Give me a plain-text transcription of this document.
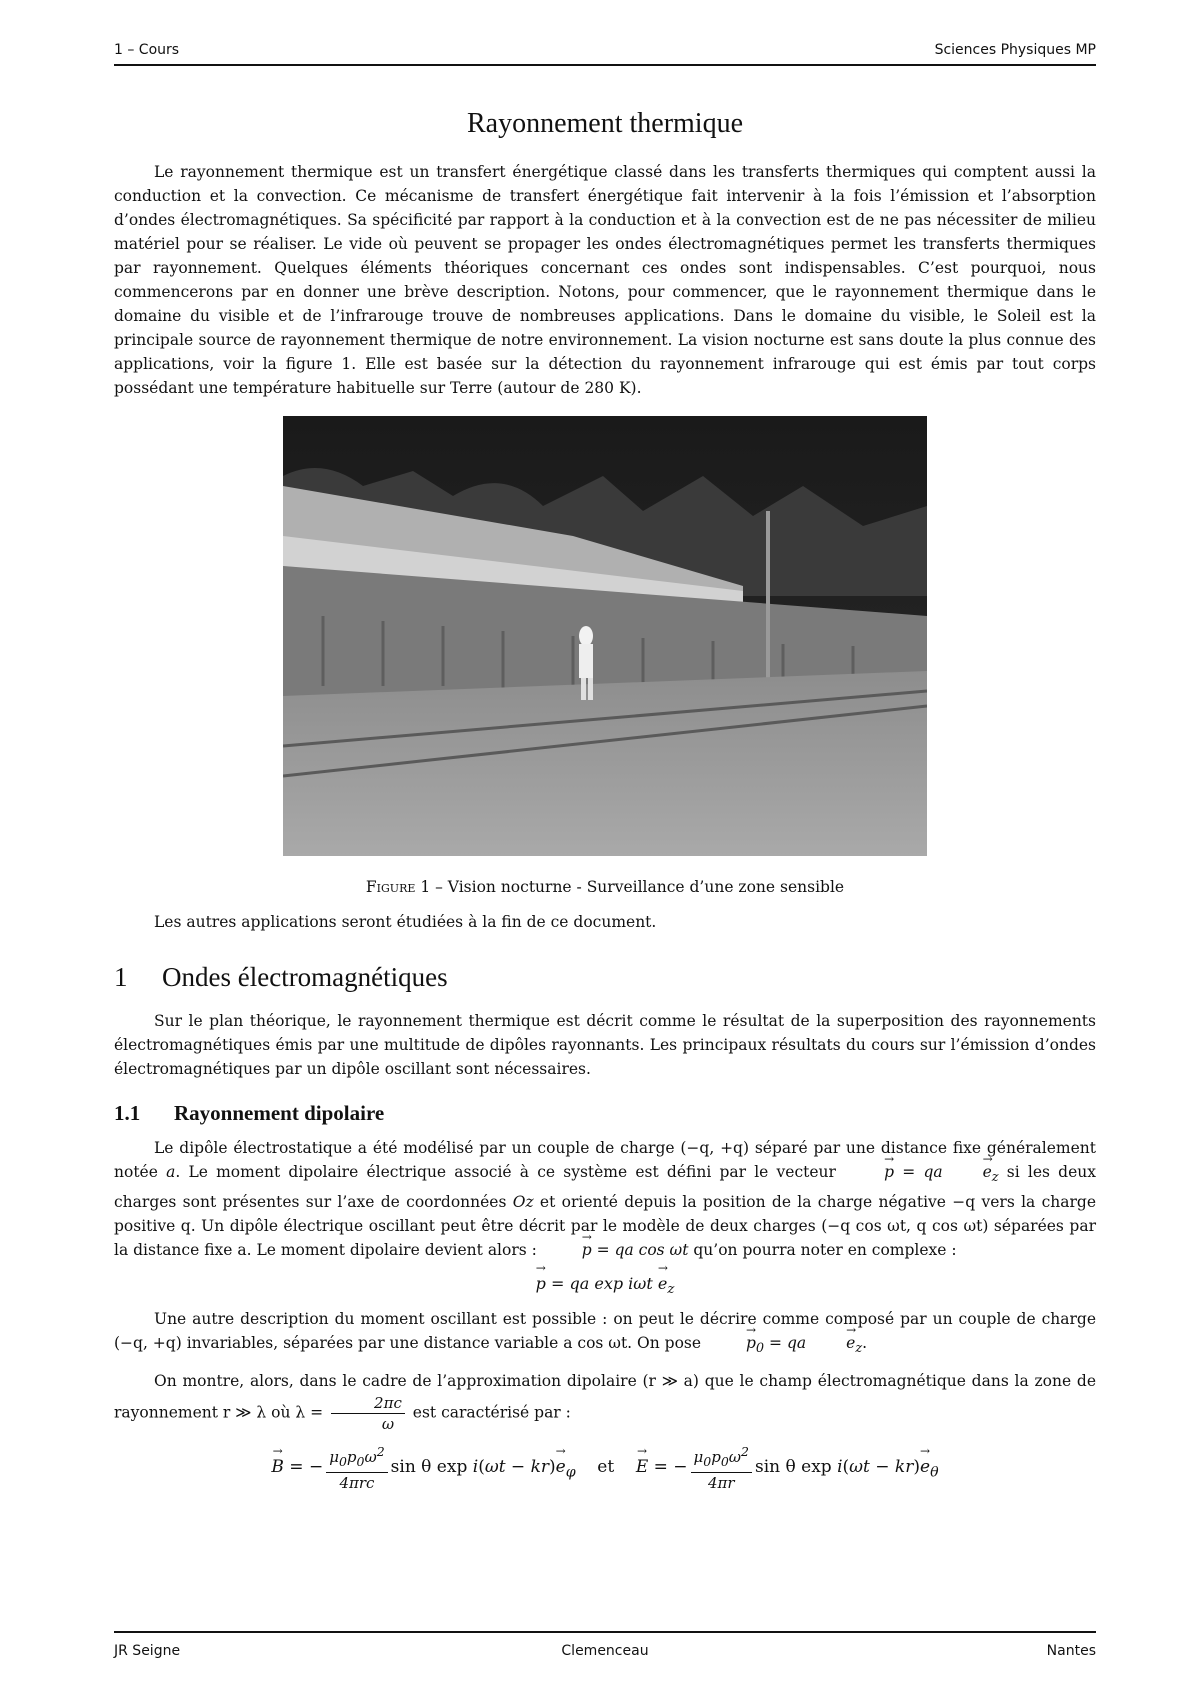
1 – Cours	Sciences Physiques MP
Rayonnement thermique

Le rayonnement thermique est un transfert énergétique classé dans les transferts thermiques qui comptent aussi la conduction et la convection. Ce mécanisme de transfert énergétique fait intervenir à la fois l’émission et l’absorption d’ondes électromagnétiques. Sa spécificité par rapport à la conduction et à la convection est de ne pas nécessiter de milieu matériel pour se réaliser. Le vide où peuvent se propager les ondes électromagnétiques permet les transferts thermiques par rayonnement. Quelques éléments théoriques concernant ces ondes sont indispensables. C’est pourquoi, nous commencerons par en donner une brève description. Notons, pour commencer, que le rayonnement thermique dans le domaine du visible et de l’infrarouge trouve de nombreuses applications. Dans le domaine du visible, le Soleil est la principale source de rayonnement thermique de notre environnement. La vision nocturne est sans doute la plus connue des applications, voir la figure 1. Elle est basée sur la détection du rayonnement infrarouge qui est émis par tout corps possédant une température habituelle sur Terre (autour de 280 K).

Figure 1 – Vision nocturne - Surveillance d’une zone sensible

Les autres applications seront étudiées à la fin de ce document.

1 Ondes électromagnétiques

Sur le plan théorique, le rayonnement thermique est décrit comme le résultat de la superposition des rayonnements électromagnétiques émis par une multitude de dipôles rayonnants. Les principaux résultats du cours sur l’émission d’ondes électromagnétiques par un dipôle oscillant sont nécessaires.

1.1 Rayonnement dipolaire

Le dipôle électrostatique a été modélisé par un couple de charge (−q, +q) séparé par une distance fixe généralement notée a. Le moment dipolaire électrique associé à ce système est défini par le vecteur →	p = qa→	$e_z$ si les deux charges sont présentes sur l’axe de coordonnées Oz et orienté depuis la position de la charge négative −q vers la charge positive q. Un dipôle électrique oscillant peut être décrit par le modèle de deux charges (−q cos ωt, q cos ωt) séparées par la distance fixe a. Le moment dipolaire devient alors : →	p = qa cos ωt qu’on pourra noter en complexe :

→ p = qa $\exp i\omega t \to e_z$

Une autre description du moment oscillant est possible : on peut le décrire comme composé par un couple de charge (−q, +q) invariables, séparées par une distance variable a cos ωt. On pose →	$p_0 = qa\to$	$e_z$.

On montre, alors, dans le cadre de l’approximation dipolaire (r ≫ a) que le champ électromagnétique dans la zone de rayonnement r ≫ λ où $\lambda = \frac{2\pi c}{\omega}$ est caractérisé par :

→ B = − $\frac{\mu_0p_0\omega^2}{\text{4πrc}}$ sin θ $\exp i(\omega t - kr)\to e_\varphi$ et    → E = − $\frac{\mu_0p_0\omega^2}{4\pi r}$ sin θ $\exp i(\omega t - kr)\to e_\theta$
JR Seigne	Clemenceau	Nantes
